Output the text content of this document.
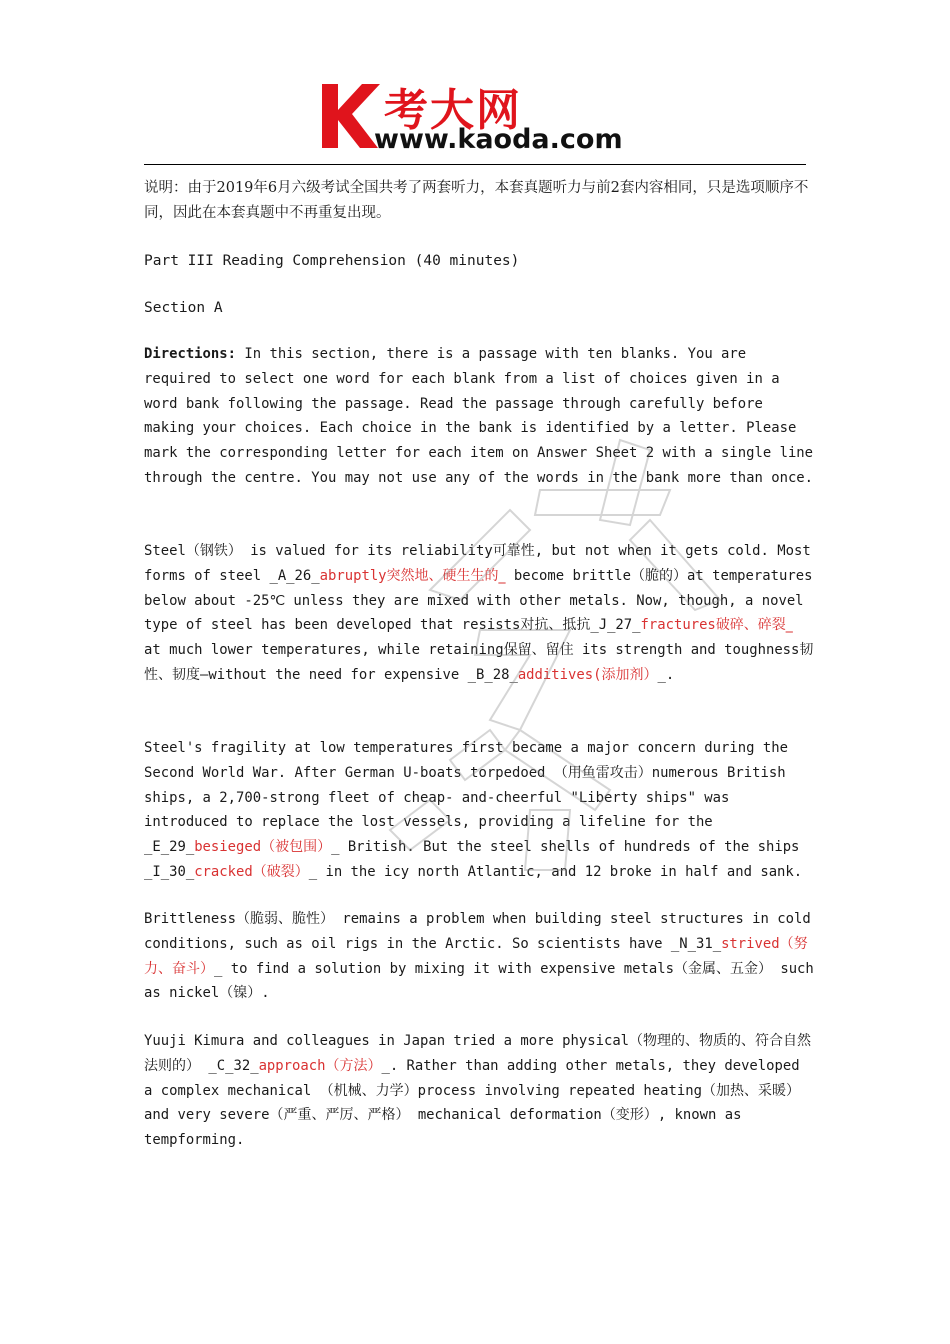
考大网
www.kaoda.com
说明：由于2019年6月六级考试全国共考了两套听力，本套真题听力与前2套内容相同，只是选项顺序不同，因此在本套真题中不再重复出现。
Part III Reading Comprehension (40 minutes)
Section A
Directions: In this section, there is a passage with ten blanks. You are required to select one word for each blank from a list of choices given in a word bank following the passage. Read the passage through carefully before making your choices. Each choice in the bank is identified by a letter. Please mark the corresponding letter for each item on Answer Sheet 2 with a single line through the centre. You may not use any of the words in the bank more than once.
Steel（钢铁） is valued for its reliability可靠性, but not when it gets cold. Most forms of steel _A_26_abruptly突然地、硬生生的_ become brittle（脆的）at temperatures below about -25℃ unless they are mixed with other metals. Now, though, a novel type of steel has been developed that resists对抗、抵抗_J_27_fractures破碎、碎裂_ at much lower temperatures, while retaining保留、留住 its strength and toughness韧性、韧度—without the need for expensive _B_28_additives(添加剂）_.
Steel's fragility at low temperatures first became a major concern during the Second World War. After German U-boats torpedoed （用鱼雷攻击）numerous British ships, a 2,700-strong fleet of cheap- and-cheerful "Liberty ships" was introduced to replace the lost vessels, providing a lifeline for the _E_29_besieged（被包围）_ British. But the steel shells of hundreds of the ships _I_30_cracked（破裂）_ in the icy north Atlantic, and 12 broke in half and sank.
Brittleness（脆弱、脆性） remains a problem when building steel structures in cold conditions, such as oil rigs in the Arctic. So scientists have _N_31_strived（努力、奋斗）_ to find a solution by mixing it with expensive metals（金属、五金） such as nickel（镍）.
Yuuji Kimura and colleagues in Japan tried a more physical（物理的、物质的、符合自然法则的） _C_32_approach（方法）_. Rather than adding other metals, they developed a complex mechanical （机械、力学）process involving repeated heating（加热、采暖） and very severe（严重、严厉、严格） mechanical deformation（变形）, known as tempforming.
